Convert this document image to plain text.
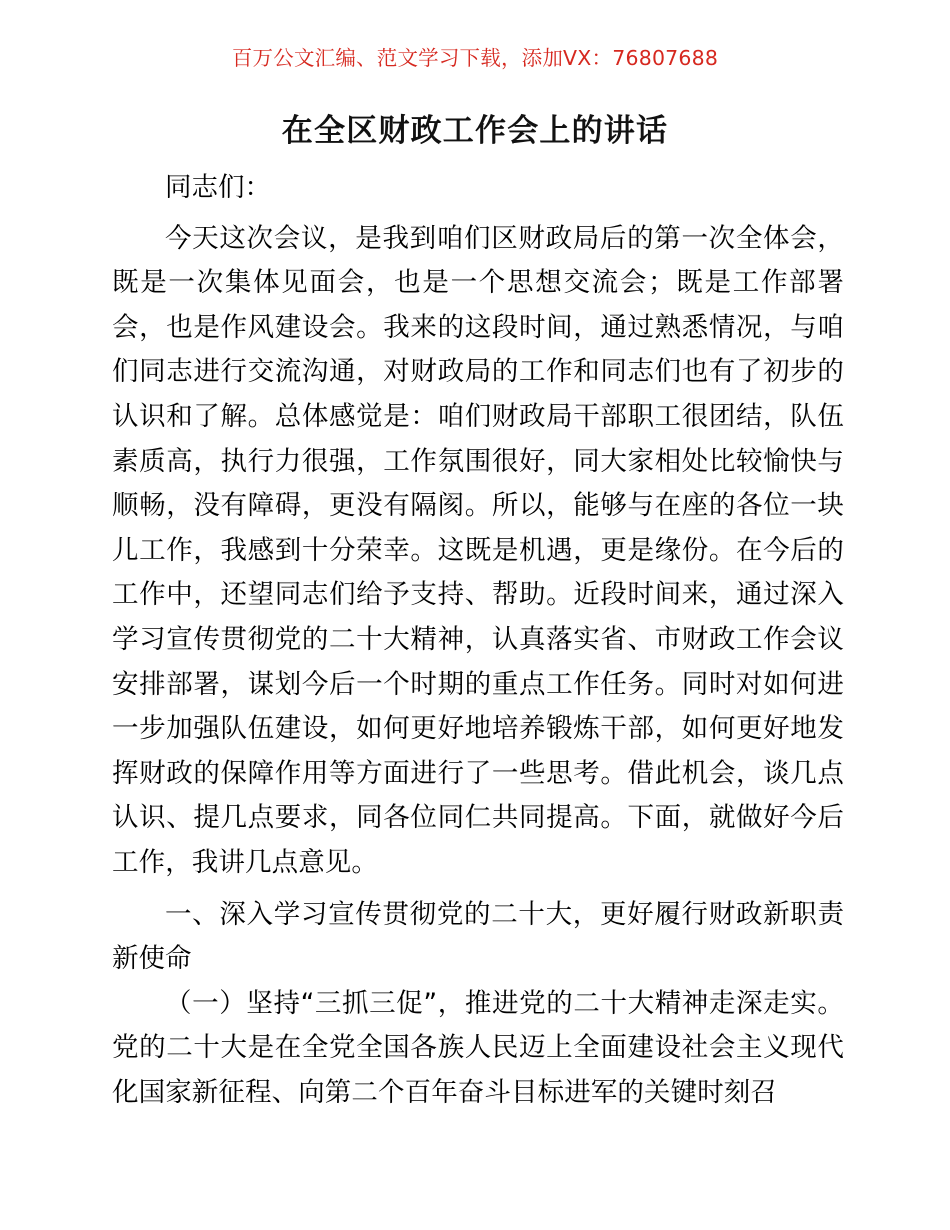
百万公文汇编、范文学习下载，添加VX：76807688
在全区财政工作会上的讲话

同志们：

今天这次会议，是我到咱们区财政局后的第一次全体会，既是一次集体见面会，也是一个思想交流会；既是工作部署会，也是作风建设会。我来的这段时间，通过熟悉情况，与咱们同志进行交流沟通，对财政局的工作和同志们也有了初步的认识和了解。总体感觉是：咱们财政局干部职工很团结，队伍素质高，执行力很强，工作氛围很好，同大家相处比较愉快与顺畅，没有障碍，更没有隔阂。所以，能够与在座的各位一块儿工作，我感到十分荣幸。这既是机遇，更是缘份。在今后的工作中，还望同志们给予支持、帮助。近段时间来，通过深入学习宣传贯彻党的二十大精神，认真落实省、市财政工作会议安排部署，谋划今后一个时期的重点工作任务。同时对如何进一步加强队伍建设，如何更好地培养锻炼干部，如何更好地发挥财政的保障作用等方面进行了一些思考。借此机会，谈几点认识、提几点要求，同各位同仁共同提高。下面，就做好今后工作，我讲几点意见。

一、深入学习宣传贯彻党的二十大，更好履行财政新职责新使命

（一）坚持“三抓三促”，推进党的二十大精神走深走实。党的二十大是在全党全国各族人民迈上全面建设社会主义现代化国家新征程、向第二个百年奋斗目标进军的关键时刻召
